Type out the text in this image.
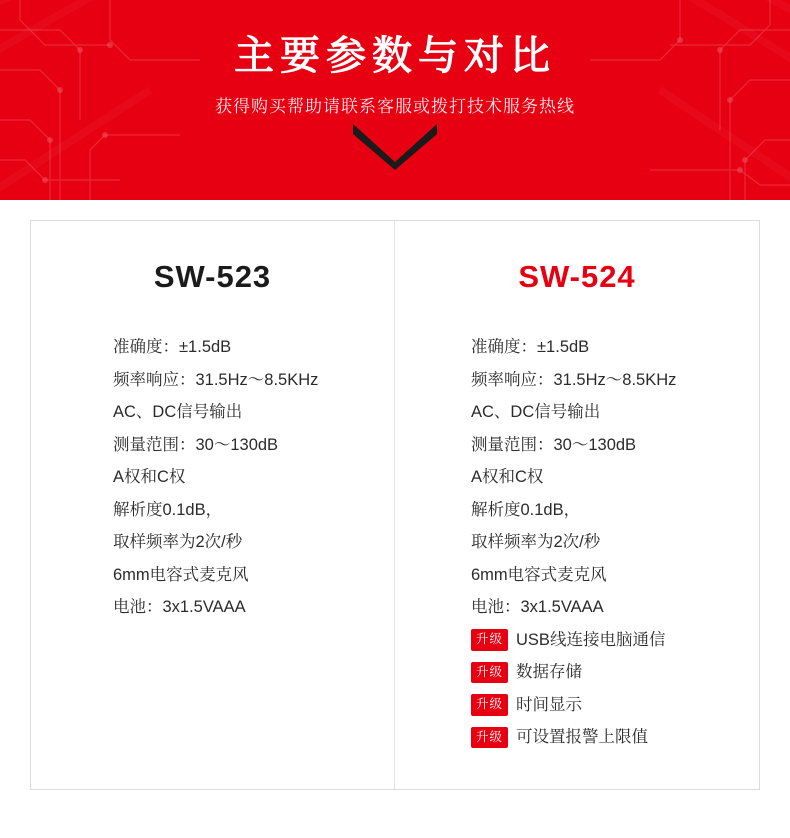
主要参数与对比

获得购买帮助请联系客服或拨打技术服务热线

SW-523
准确度：±1.5dB
频率响应：31.5Hz～8.5KHz
AC、DC信号输出
测量范围：30～130dB
A权和C权
解析度0.1dB，
取样频率为2次/秒
6mm电容式麦克风
电池：3x1.5VAAA
SW-524
准确度：±1.5dB
频率响应：31.5Hz～8.5KHz
AC、DC信号输出
测量范围：30～130dB
A权和C权
解析度0.1dB，
取样频率为2次/秒
6mm电容式麦克风
电池：3x1.5VAAA
升级 USB线连接电脑通信
升级 数据存储
升级 时间显示
升级 可设置报警上限值
